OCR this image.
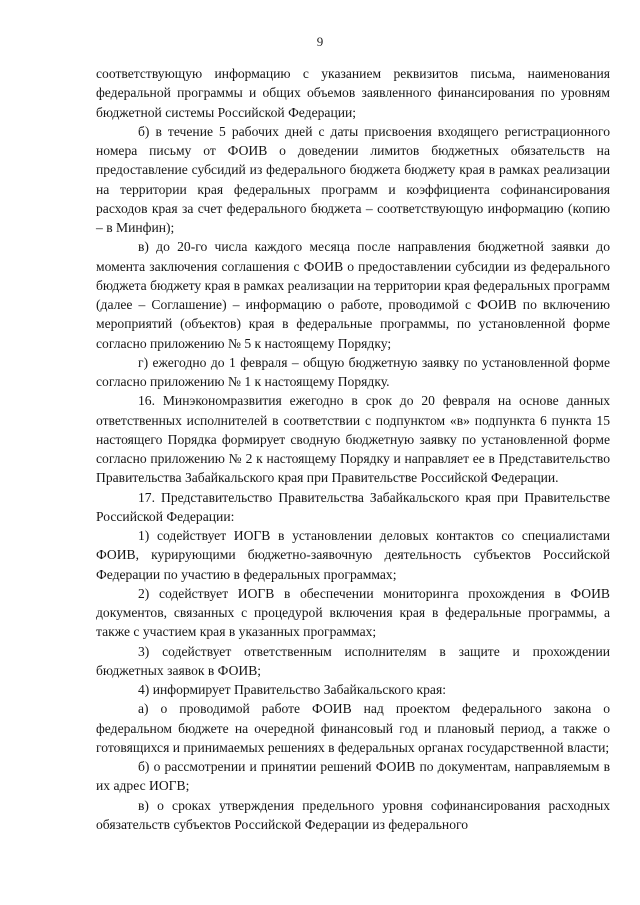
9

соответствующую информацию с указанием реквизитов письма, наименования федеральной программы и общих объемов заявленного финансирования по уровням бюджетной системы Российской Федерации;

б) в течение 5 рабочих дней с даты присвоения входящего регистрационного номера письму от ФОИВ о доведении лимитов бюджетных обязательств на предоставление субсидий из федерального бюджета бюджету края в рамках реализации на территории края федеральных программ и коэффициента софинансирования расходов края за счет федерального бюджета – соответствующую информацию (копию – в Минфин);

в) до 20-го числа каждого месяца после направления бюджетной заявки до момента заключения соглашения с ФОИВ о предоставлении субсидии из федерального бюджета бюджету края в рамках реализации на территории края федеральных программ (далее – Соглашение) – информацию о работе, проводимой с ФОИВ по включению мероприятий (объектов) края в федеральные программы, по установленной форме согласно приложению № 5 к настоящему Порядку;

г) ежегодно до 1 февраля – общую бюджетную заявку по установленной форме согласно приложению № 1 к настоящему Порядку.

16. Минэкономразвития ежегодно в срок до 20 февраля на основе данных ответственных исполнителей в соответствии с подпунктом «в» подпункта 6 пункта 15 настоящего Порядка формирует сводную бюджетную заявку по установленной форме согласно приложению № 2 к настоящему Порядку и направляет ее в Представительство Правительства Забайкальского края при Правительстве Российской Федерации.

17. Представительство Правительства Забайкальского края при Правительстве Российской Федерации:

1) содействует ИОГВ в установлении деловых контактов со специалистами ФОИВ, курирующими бюджетно-заявочную деятельность субъектов Российской Федерации по участию в федеральных программах;

2) содействует ИОГВ в обеспечении мониторинга прохождения в ФОИВ документов, связанных с процедурой включения края в федеральные программы, а также с участием края в указанных программах;

3) содействует ответственным исполнителям в защите и прохождении бюджетных заявок в ФОИВ;

4) информирует Правительство Забайкальского края:

а) о проводимой работе ФОИВ над проектом федерального закона о федеральном бюджете на очередной финансовый год и плановый период, а также о готовящихся и принимаемых решениях в федеральных органах государственной власти;

б) о рассмотрении и принятии решений ФОИВ по документам, направляемым в их адрес ИОГВ;

в) о сроках утверждения предельного уровня софинансирования расходных обязательств субъектов Российской Федерации из федерального
